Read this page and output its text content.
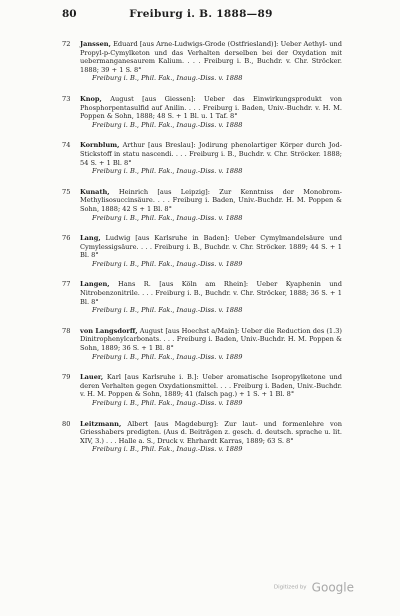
80	Freiburg i. B. 1888—89
72 Janssen, Eduard [aus Arne-Ludwigs-Grode (Ostfriesland)]: Ueber Aethyl- und Propyl-p-Cymylketon und das Verhalten derselben bei der Oxydation mit uebermanganesaurem Kalium. . . . Freiburg i. B., Buchdr. v. Chr. Ströcker. 1888; 39 + 1 S. 8°
Freiburg i. B., Phil. Fak., Inaug.-Diss. v. 1888
73 Knop, August [aus Giessen]: Ueber das Einwirkungsprodukt von Phosphorpentasulfid auf Anilin. . . . Freiburg i. Baden, Univ.-Buchdr. v. H. M. Poppen & Sohn, 1888; 48 S. + 1 Bl. u. 1 Taf. 8°
Freiburg i. B., Phil. Fak., Inaug.-Diss. v. 1888
74 Kornblum, Arthur [aus Breslau]: Jodirung phenolartiger Körper durch Jod-Stickstoff in statu nascendi. . . . Freiburg i. B., Buchdr. v. Chr. Ströcker. 1888; 54 S. + 1 Bl. 8°
Freiburg i. B., Phil. Fak., Inaug.-Diss. v. 1888
75 Kunath, Heinrich [aus Leipzig]: Zur Kenntniss der Monobrom-Methylisosuccinsäure. . . . Freiburg i. Baden, Univ.-Buchdr. H. M. Poppen & Sohn, 1888; 42 S + 1 Bl. 8°
Freiburg i. B., Phil. Fak., Inaug.-Diss. v. 1888
76 Lang, Ludwig [aus Karlsruhe in Baden]: Ueber Cymylmandelsäure und Cymylessigsäure. . . . Freiburg i. B., Buchdr. v. Chr. Ströcker. 1889; 44 S. + 1 Bl. 8°
Freiburg i. B., Phil. Fak., Inaug.-Diss. v. 1889
77 Langen, Hans R. [aus Köln am Rhein]: Ueber Kyaphenin und Nitrobenzonitrile. . . . Freiburg i. B., Buchdr. v. Chr. Ströcker, 1888; 36 S. + 1 Bl. 8°
Freiburg i. B., Phil. Fak., Inaug.-Diss. v. 1888
78 von Langsdorff, August [aus Hoechst a/Main]: Ueber die Reduction des (1.3) Dinitrophenylcarbonats. . . . Freiburg i. Baden, Univ.-Buchdr. H. M. Poppen & Sohn, 1889; 36 S. + 1 Bl. 8°
Freiburg i. B., Phil. Fak., Inaug.-Diss. v. 1889
79 Lauer, Karl [aus Karlsruhe i. B.]: Ueber aromatische Isopropylketone und deren Verhalten gegen Oxydationsmittel. . . . Freiburg i. Baden, Univ.-Buchdr. v. H. M. Poppen & Sohn, 1889; 41 (falsch pag.) + 1 S. + 1 Bl. 8°
Freiburg i. B., Phil. Fak., Inaug.-Diss. v. 1889
80 Leitzmann, Albert [aus Magdeburg]: Zur laut- und formenlehre von Griesshabers predigten. (Aus d. Beiträgen z. gesch. d. deutsch. sprache u. lit. XIV, 3.) . . . Halle a. S., Druck v. Ehrhardt Karras, 1889; 63 S. 8°
Freiburg i. B., Phil. Fak., Inaug.-Diss. v. 1889
Digitized by Google
